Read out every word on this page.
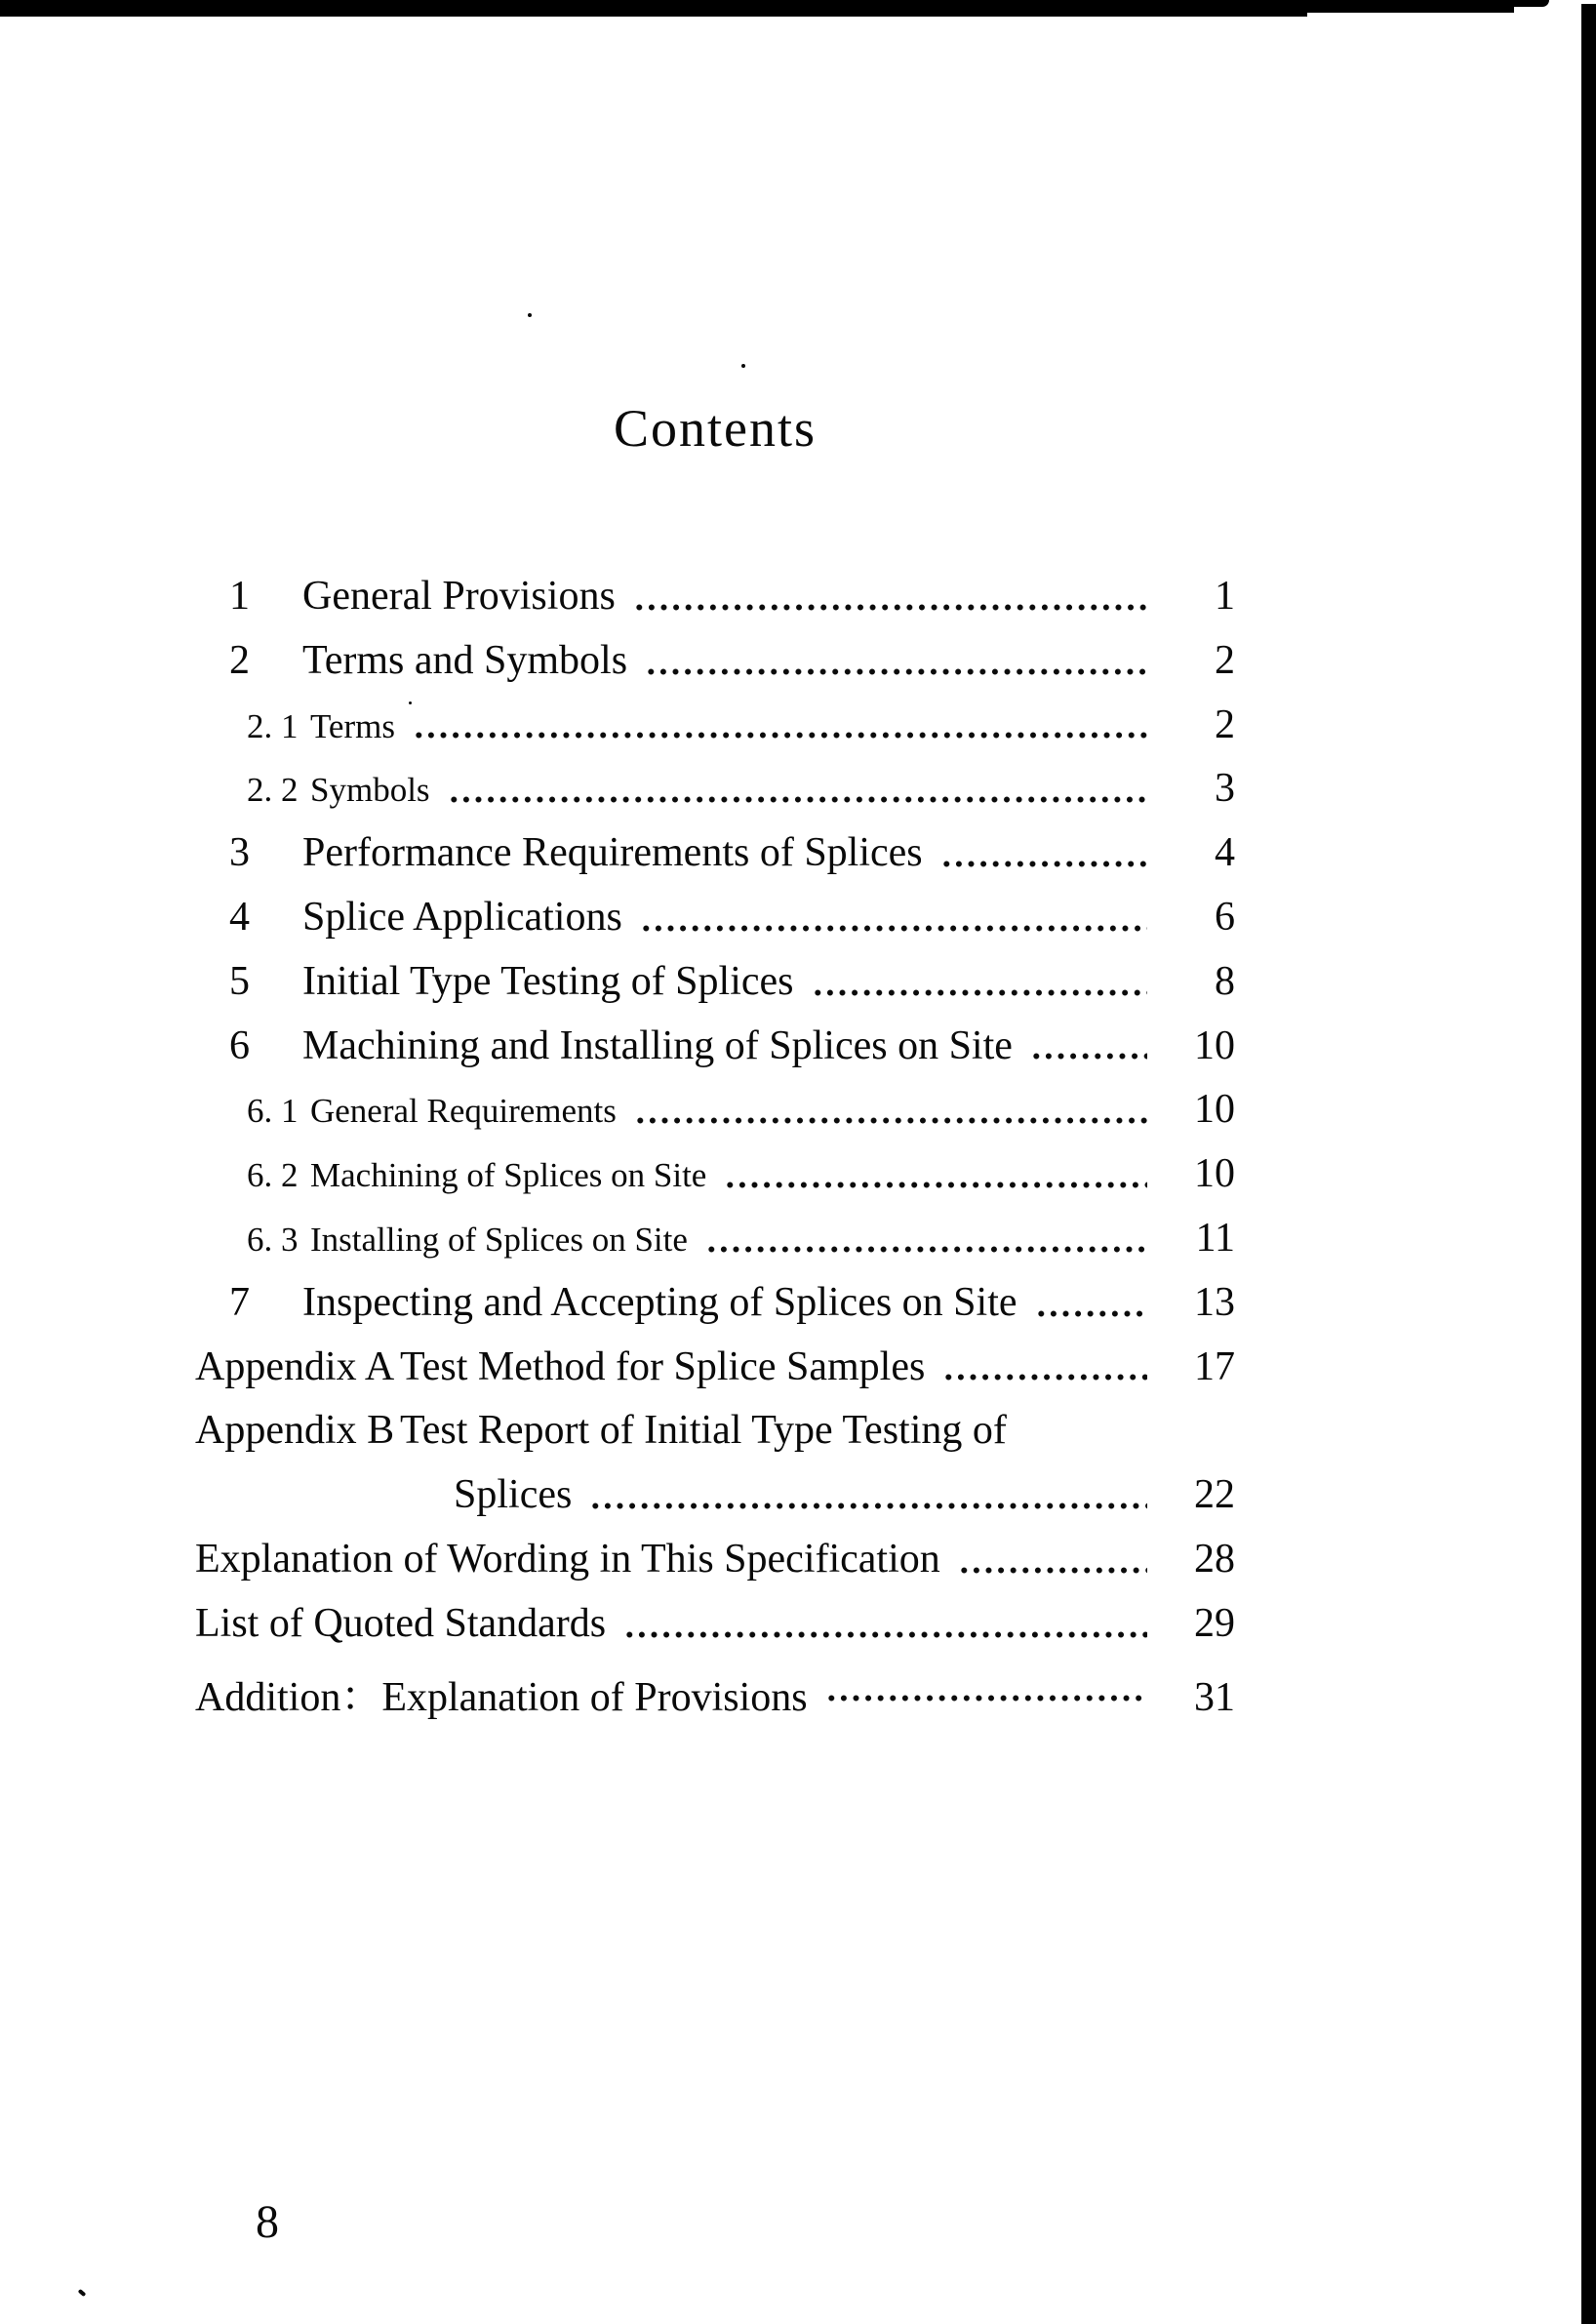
Contents
1	General Provisions	1
2	Terms and Symbols	2
2. 1 Terms	2
2. 2 Symbols	3
3	Performance Requirements of Splices	4
4	Splice Applications	6
5	Initial Type Testing of Splices	8
6	Machining and Installing of Splices on Site	10
6. 1 General Requirements	10
6. 2 Machining of Splices on Site	10
6. 3 Installing of Splices on Site	11
7	Inspecting and Accepting of Splices on Site	13
Appendix A Test Method for Splice Samples	17
Appendix B Test Report of Initial Type Testing of
Splices	22
Explanation of Wording in This Specification	28
List of Quoted Standards	29
Addition：Explanation of Provisions	31
8
